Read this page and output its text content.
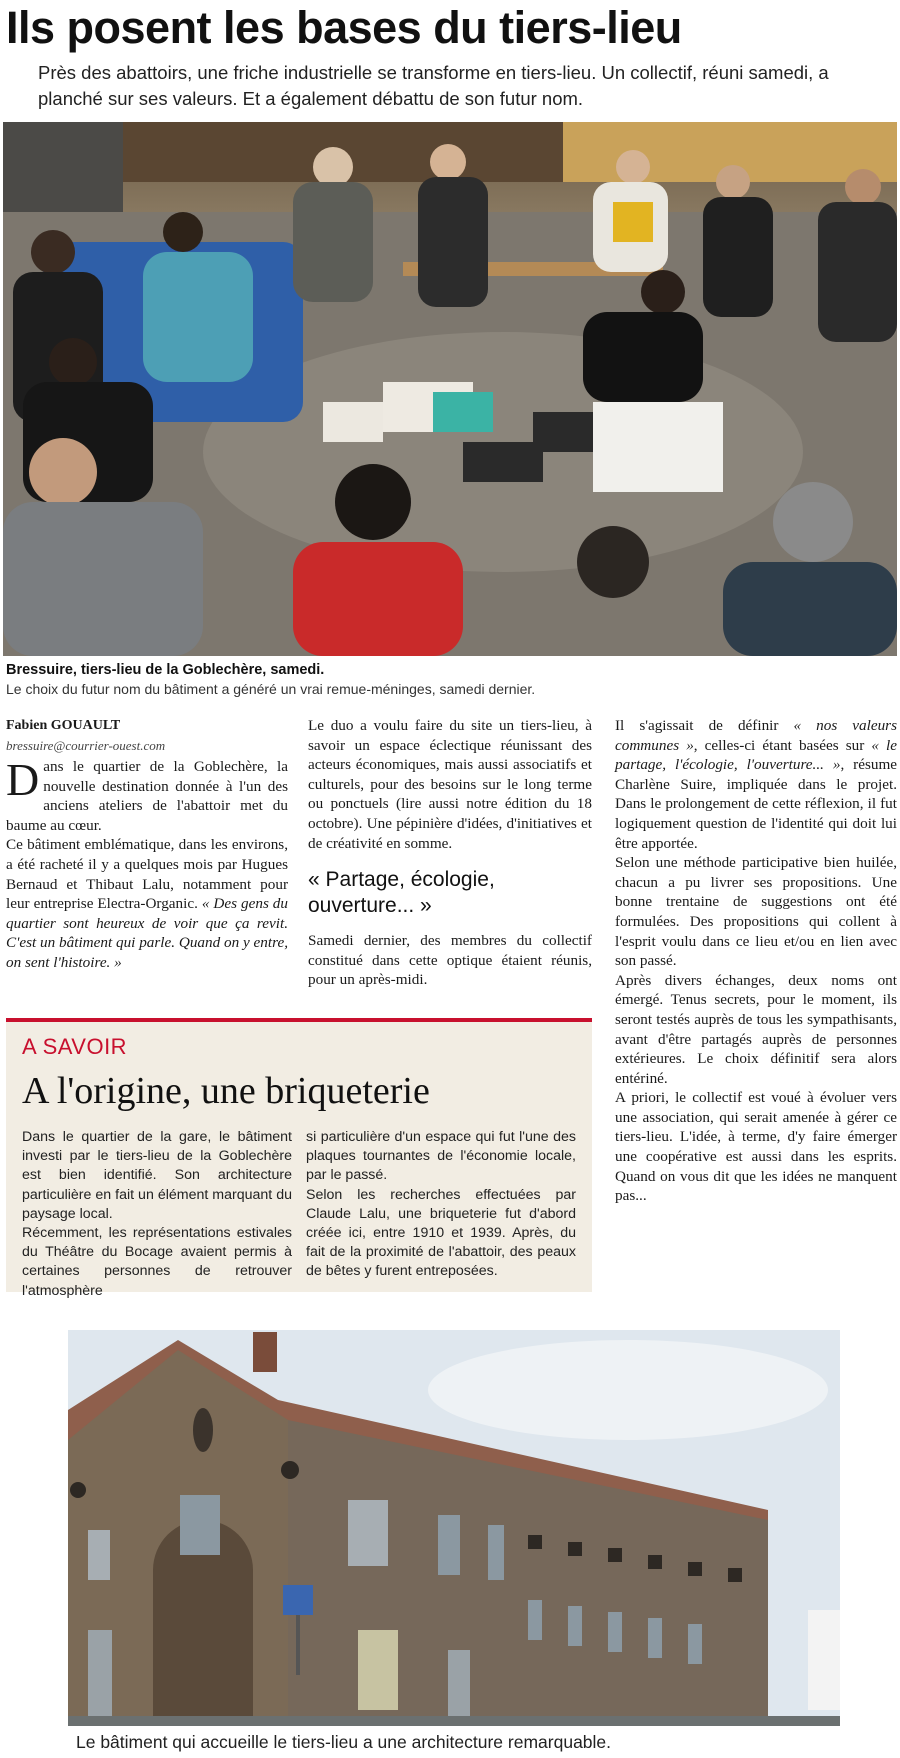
Ils posent les bases du tiers-lieu
Près des abattoirs, une friche industrielle se transforme en tiers-lieu. Un collectif, réuni samedi, a planché sur ses valeurs. Et a également débattu de son futur nom.
Bressuire, tiers-lieu de la Goblechère, samedi.
Le choix du futur nom du bâtiment a généré un vrai remue-méninges, samedi dernier.

Fabien GOUAULT

bressuire@courrier-ouest.com

Dans le quartier de la Goblechère, la nouvelle destination donnée à l'un des anciens ateliers de l'abattoir met du baume au cœur.

Ce bâtiment emblématique, dans les environs, a été racheté il y a quelques mois par Hugues Bernaud et Thibaut Lalu, notamment pour leur entreprise Electra-Organic. « Des gens du quartier sont heureux de voir que ça revit. C'est un bâtiment qui parle. Quand on y entre, on sent l'histoire. »

Le duo a voulu faire du site un tiers-lieu, à savoir un espace éclectique réunissant des acteurs économiques, mais aussi associatifs et culturels, pour des besoins sur le long terme ou ponctuels (lire aussi notre édition du 18 octobre). Une pépinière d'idées, d'initiatives et de créativité en somme.

« Partage, écologie, ouverture... »

Samedi dernier, des membres du collectif constitué dans cette optique étaient réunis, pour un après-midi.

Il s'agissait de définir « nos valeurs communes », celles-ci étant basées sur « le partage, l'écologie, l'ouverture... », résume Charlène Suire, impliquée dans le projet. Dans le prolongement de cette réflexion, il fut logiquement question de l'identité qui doit lui être apportée.

Selon une méthode participative bien huilée, chacun a pu livrer ses propositions. Une bonne trentaine de suggestions ont été formulées. Des propositions qui collent à l'esprit voulu dans ce lieu et/ou en lien avec son passé.

Après divers échanges, deux noms ont émergé. Tenus secrets, pour le moment, ils seront testés auprès de tous les sympathisants, avant d'être partagés auprès de personnes extérieures. Le choix définitif sera alors entériné.

A priori, le collectif est voué à évoluer vers une association, qui serait amenée à gérer ce tiers-lieu. L'idée, à terme, d'y faire émerger une coopérative est aussi dans les esprits. Quand on vous dit que les idées ne manquent pas...

A SAVOIR
A l'origine, une briqueterie

Dans le quartier de la gare, le bâtiment investi par le tiers-lieu de la Goblechère est bien identifié. Son architecture particulière en fait un élément marquant du paysage local.

Récemment, les représentations estivales du Théâtre du Bocage avaient permis à certaines personnes de retrouver l'atmosphère

si particulière d'un espace qui fut l'une des plaques tournantes de l'économie locale, par le passé.

Selon les recherches effectuées par Claude Lalu, une briqueterie fut d'abord créée ici, entre 1910 et 1939. Après, du fait de la proximité de l'abattoir, des peaux de bêtes y furent entreposées.

Le bâtiment qui accueille le tiers-lieu a une architecture remarquable.
